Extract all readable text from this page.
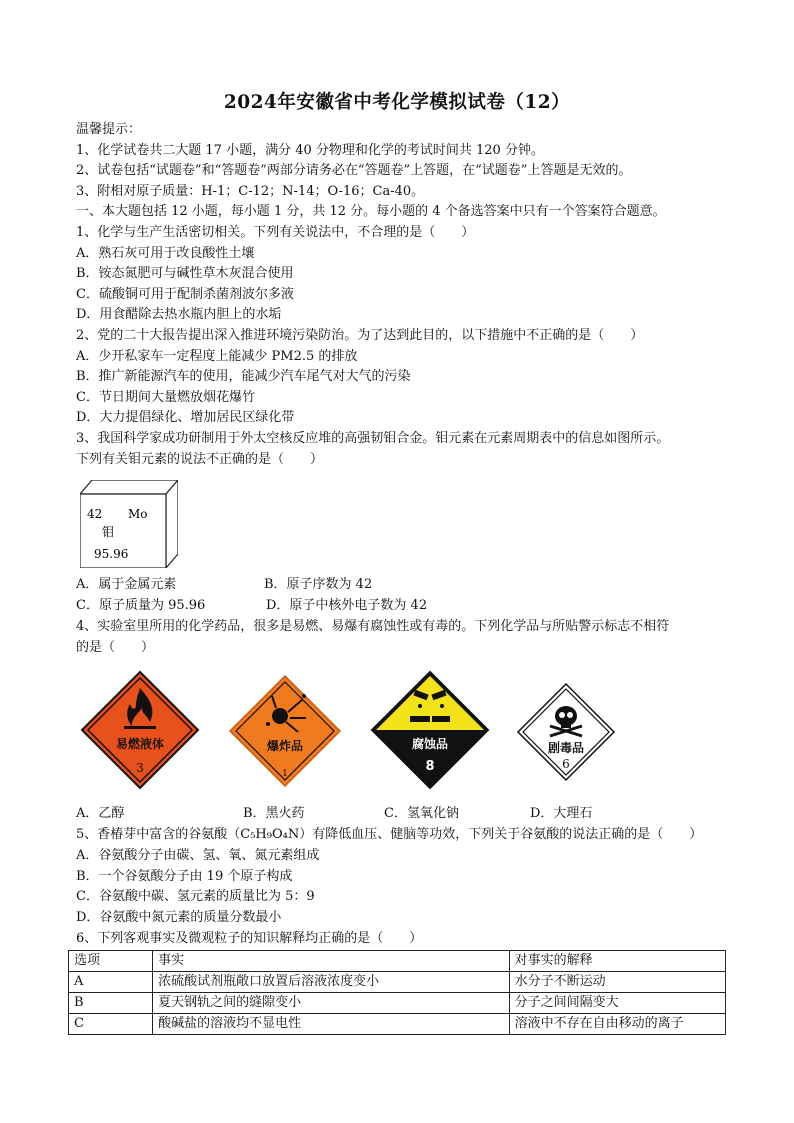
2024年安徽省中考化学模拟试卷（12）
温馨提示：
1、化学试卷共二大题 17 小题，满分 40 分物理和化学的考试时间共 120 分钟。
2、试卷包括“试题卷”和“答题卷”两部分请务必在“答题卷”上答题，在“试题卷”上答题是无效的。
3、附相对原子质量：H-1；C-12；N-14；O-16；Ca-40。
一、本大题包括 12 小题，每小题 1 分，共 12 分。每小题的 4 个备选答案中只有一个答案符合题意。
1、化学与生产生活密切相关。下列有关说法中，不合理的是（　　）
A．熟石灰可用于改良酸性土壤
B．铵态氮肥可与碱性草木灰混合使用
C．硫酸铜可用于配制杀菌剂波尔多液
D．用食醋除去热水瓶内胆上的水垢
2、党的二十大报告提出深入推进环境污染防治。为了达到此目的，以下措施中不正确的是（　　）
A．少开私家车一定程度上能减少 PM2.5 的排放
B．推广新能源汽车的使用，能减少汽车尾气对大气的污染
C．节日期间大量燃放烟花爆竹
D．大力提倡绿化、增加居民区绿化带
3、我国科学家成功研制用于外太空核反应堆的高强韧钼合金。钼元素在元素周期表中的信息如图所示。
下列有关钼元素的说法不正确的是（　　）
42 Mo
钼
95.96
A．属于金属元素	B．原子序数为 42
C．原子质量为 95.96	D．原子中核外电子数为 42
4、实验室里所用的化学药品，很多是易燃、易爆有腐蚀性或有毒的。下列化学品与所贴警示标志不相符
的是（　　）
易燃液体
3
爆炸品
1
腐蚀品
8
剧毒品
6
A．乙醇	B．黑火药	C．氢氧化钠	D．大理石
5、香椿芽中富含的谷氨酸（C₅H₉O₄N）有降低血压、健脑等功效，下列关于谷氨酸的说法正确的是（　　）
A．谷氨酸分子由碳、氢、氧、氮元素组成
B．一个谷氨酸分子由 19 个原子构成
C．谷氨酸中碳、氢元素的质量比为 5：9
D．谷氨酸中氮元素的质量分数最小
6、下列客观事实及微观粒子的知识解释均正确的是（　　）
选项	事实	对事实的解释
A	浓硫酸试剂瓶敞口放置后溶液浓度变小	水分子不断运动
B	夏天钢轨之间的缝隙变小	分子之间间隔变大
C	酸碱盐的溶液均不显电性	溶液中不存在自由移动的离子
